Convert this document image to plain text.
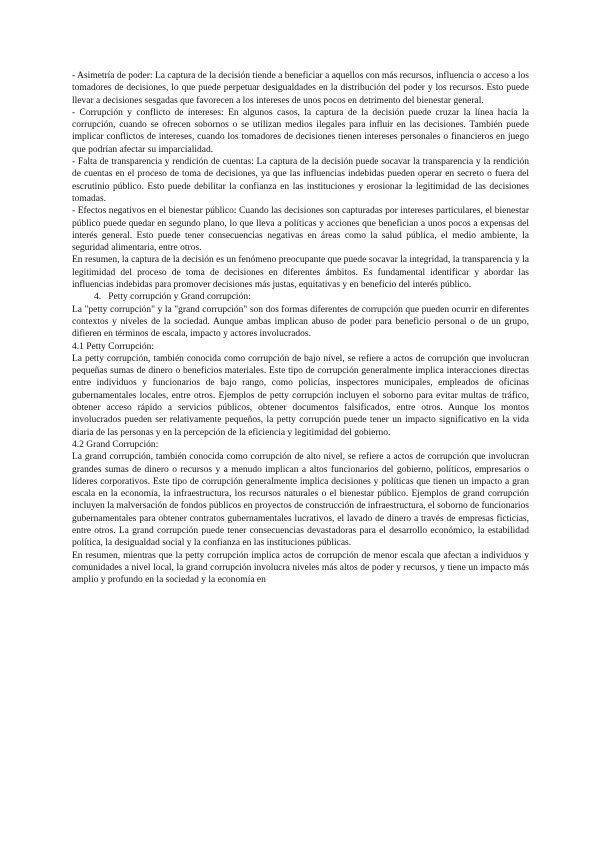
- Asimetría de poder: La captura de la decisión tiende a beneficiar a aquellos con más recursos, influencia o acceso a los tomadores de decisiones, lo que puede perpetuar desigualdades en la distribución del poder y los recursos. Esto puede llevar a decisiones sesgadas que favorecen a los intereses de unos pocos en detrimento del bienestar general.

- Corrupción y conflicto de intereses: En algunos casos, la captura de la decisión puede cruzar la línea hacia la corrupción, cuando se ofrecen sobornos o se utilizan medios ilegales para influir en las decisiones. También puede implicar conflictos de intereses, cuando los tomadores de decisiones tienen intereses personales o financieros en juego que podrían afectar su imparcialidad.

- Falta de transparencia y rendición de cuentas: La captura de la decisión puede socavar la transparencia y la rendición de cuentas en el proceso de toma de decisiones, ya que las influencias indebidas pueden operar en secreto o fuera del escrutinio público. Esto puede debilitar la confianza en las instituciones y erosionar la legitimidad de las decisiones tomadas.

- Efectos negativos en el bienestar público: Cuando las decisiones son capturadas por intereses particulares, el bienestar público puede quedar en segundo plano, lo que lleva a políticas y acciones que benefician a unos pocos a expensas del interés general. Esto puede tener consecuencias negativas en áreas como la salud pública, el medio ambiente, la seguridad alimentaria, entre otros.

En resumen, la captura de la decisión es un fenómeno preocupante que puede socavar la integridad, la transparencia y la legitimidad del proceso de toma de decisiones en diferentes ámbitos. Es fundamental identificar y abordar las influencias indebidas para promover decisiones más justas, equitativas y en beneficio del interés público.

4. Petty corrupción y Grand corrupción:

La "petty corrupción" y la "grand corrupción" son dos formas diferentes de corrupción que pueden ocurrir en diferentes contextos y niveles de la sociedad. Aunque ambas implican abuso de poder para beneficio personal o de un grupo, difieren en términos de escala, impacto y actores involucrados.

4.1 Petty Corrupción:

La petty corrupción, también conocida como corrupción de bajo nivel, se refiere a actos de corrupción que involucran pequeñas sumas de dinero o beneficios materiales. Este tipo de corrupción generalmente implica interacciones directas entre individuos y funcionarios de bajo rango, como policías, inspectores municipales, empleados de oficinas gubernamentales locales, entre otros. Ejemplos de petty corrupción incluyen el soborno para evitar multas de tráfico, obtener acceso rápido a servicios públicos, obtener documentos falsificados, entre otros. Aunque los montos involucrados pueden ser relativamente pequeños, la petty corrupción puede tener un impacto significativo en la vida diaria de las personas y en la percepción de la eficiencia y legitimidad del gobierno.

4.2 Grand Corrupción:

La grand corrupción, también conocida como corrupción de alto nivel, se refiere a actos de corrupción que involucran grandes sumas de dinero o recursos y a menudo implican a altos funcionarios del gobierno, políticos, empresarios o líderes corporativos. Este tipo de corrupción generalmente implica decisiones y políticas que tienen un impacto a gran escala en la economía, la infraestructura, los recursos naturales o el bienestar público. Ejemplos de grand corrupción incluyen la malversación de fondos públicos en proyectos de construcción de infraestructura, el soborno de funcionarios gubernamentales para obtener contratos gubernamentales lucrativos, el lavado de dinero a través de empresas ficticias, entre otros. La grand corrupción puede tener consecuencias devastadoras para el desarrollo económico, la estabilidad política, la desigualdad social y la confianza en las instituciones públicas.

En resumen, mientras que la petty corrupción implica actos de corrupción de menor escala que afectan a individuos y comunidades a nivel local, la grand corrupción involucra niveles más altos de poder y recursos, y tiene un impacto más amplio y profundo en la sociedad y la economía en
